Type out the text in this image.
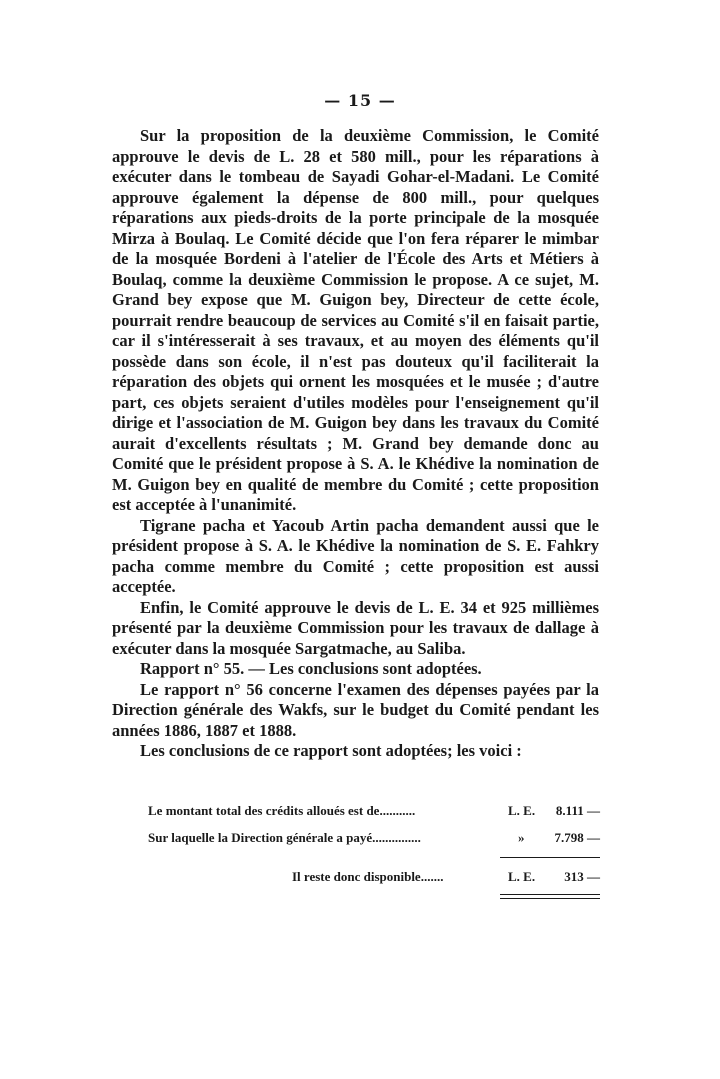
— 15 —

Sur la proposition de la deuxième Commission, le Comité approuve le devis de L. 28 et 580 mill., pour les réparations à exécuter dans le tombeau de Sayadi Gohar-el-Madani. Le Comité approuve également la dépense de 800 mill., pour quelques réparations aux pieds-droits de la porte principale de la mosquée Mirza à Boulaq. Le Comité décide que l'on fera réparer le mimbar de la mosquée Bordeni à l'atelier de l'École des Arts et Métiers à Boulaq, comme la deuxième Commission le propose. A ce sujet, M. Grand bey expose que M. Guigon bey, Directeur de cette école, pourrait rendre beaucoup de services au Comité s'il en faisait partie, car il s'intéresserait à ses travaux, et au moyen des éléments qu'il possède dans son école, il n'est pas douteux qu'il faciliterait la réparation des objets qui ornent les mosquées et le musée ; d'autre part, ces objets seraient d'utiles modèles pour l'enseignement qu'il dirige et l'association de M. Guigon bey dans les travaux du Comité aurait d'excellents résultats ; M. Grand bey demande donc au Comité que le président propose à S. A. le Khédive la nomination de M. Guigon bey en qualité de membre du Comité ; cette proposition est acceptée à l'unanimité.

Tigrane pacha et Yacoub Artin pacha demandent aussi que le président propose à S. A. le Khédive la nomination de S. E. Fahkry pacha comme membre du Comité ; cette proposition est aussi acceptée.

Enfin, le Comité approuve le devis de L. E. 34 et 925 millièmes présenté par la deuxième Commission pour les travaux de dallage à exécuter dans la mosquée Sargatmache, au Saliba.

Rapport n° 55. — Les conclusions sont adoptées.

Le rapport n° 56 concerne l'examen des dépenses payées par la Direction générale des Wakfs, sur le budget du Comité pendant les années 1886, 1887 et 1888.

Les conclusions de ce rapport sont adoptées; les voici :

Le montant total des crédits alloués est de...........	L. E.	8.111 —
Sur laquelle la Direction générale a payé...............	»	7.798 —
Il reste donc disponible.......	L. E.	313 —
